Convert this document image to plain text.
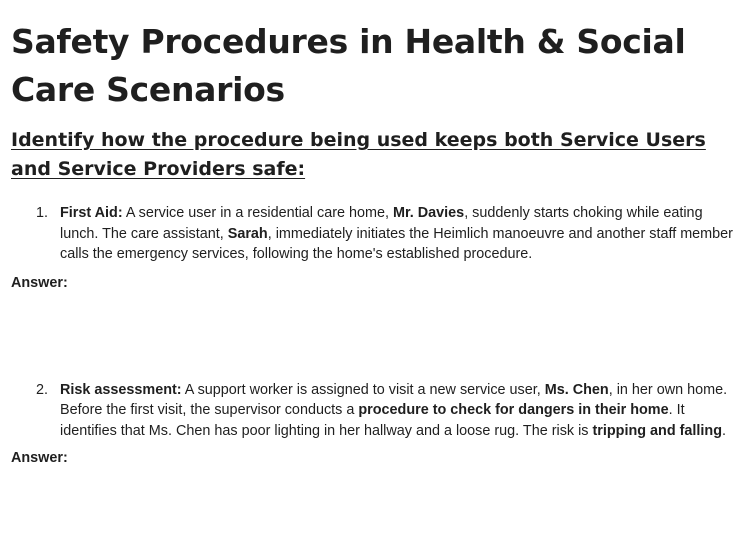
Safety Procedures in Health & Social Care Scenarios
Identify how the procedure being used keeps both Service Users and Service Providers safe:
1. First Aid: A service user in a residential care home, Mr. Davies, suddenly starts choking while eating lunch. The care assistant, Sarah, immediately initiates the Heimlich manoeuvre and another staff member calls the emergency services, following the home's established procedure.
Answer:
2. Risk assessment: A support worker is assigned to visit a new service user, Ms. Chen, in her own home. Before the first visit, the supervisor conducts a procedure to check for dangers in their home. It identifies that Ms. Chen has poor lighting in her hallway and a loose rug. The risk is tripping and falling.
Answer:
